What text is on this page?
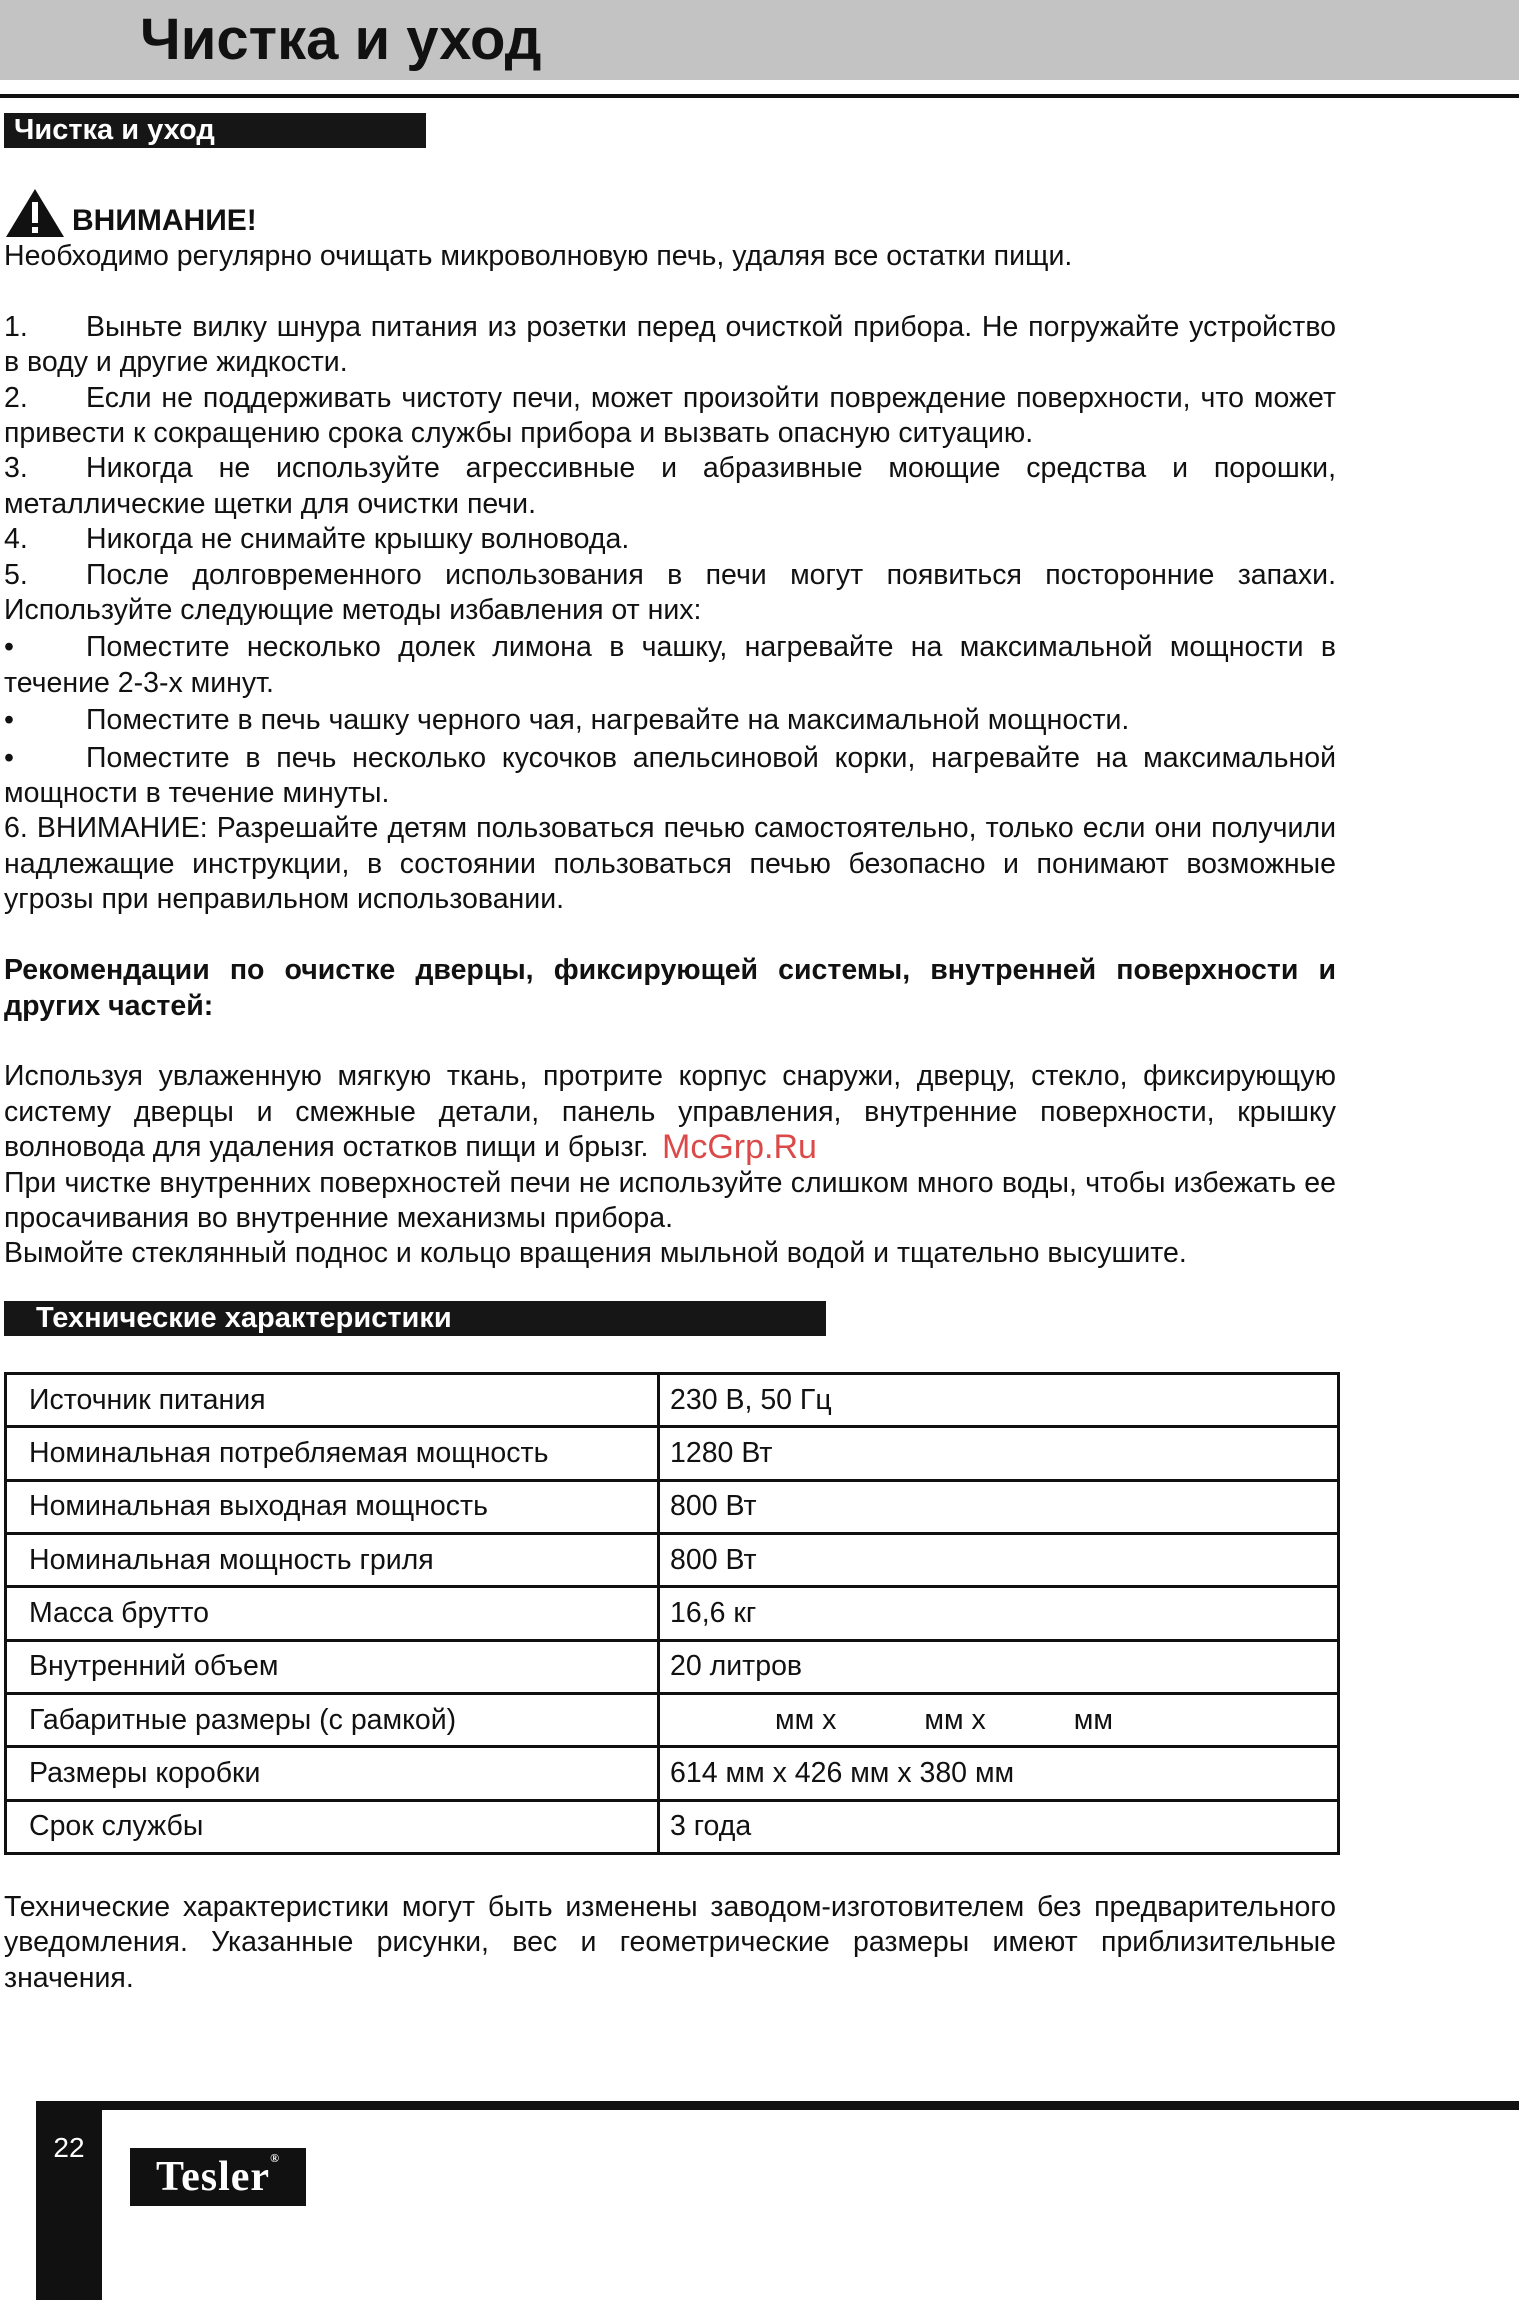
Чистка и уход
Чистка и уход
ВНИМАНИЕ!

Необходимо регулярно очищать микроволновую печь, удаляя все остатки пищи.

1. Выньте вилку шнура питания из розетки перед очисткой прибора. Не погружайте устройство в воду и другие жидкости.

2. Если не поддерживать чистоту печи, может произойти повреждение поверхности, что может привести к сокращению срока службы прибора и вызвать опасную ситуацию.

3. Никогда не используйте агрессивные и абразивные моющие средства и порошки, металлические щетки для очистки печи.

4. Никогда не снимайте крышку волновода.

5. После долговременного использования в печи могут появиться посторонние запахи. Используйте следующие методы избавления от них:

•	Поместите несколько долек лимона в чашку, нагревайте на максимальной мощности в течение 2-3-х минут.

•	Поместите в печь чашку черного чая, нагревайте на максимальной мощности.

•	Поместите в печь несколько кусочков апельсиновой корки, нагревайте на максимальной мощности в течение минуты.

6. ВНИМАНИЕ: Разрешайте детям пользоваться печью самостоятельно, только если они получили надлежащие инструкции, в состоянии пользоваться печью безопасно и понимают возможные угрозы при неправильном использовании.

Рекомендации по очистке дверцы, фиксирующей системы, внутренней поверхности и других частей:

Используя увлаженную мягкую ткань, протрите корпус снаружи, дверцу, стекло, фиксирующую систему дверцы и смежные детали, панель управления, внутренние поверхности, крышку волновода для удаления остатков пищи и брызг.

При чистке внутренних поверхностей печи не используйте слишком много воды, чтобы избежать ее просачивания во внутренние механизмы прибора.

Вымойте стеклянный поднос и кольцо вращения мыльной водой и тщательно высушите.

McGrp.Ru
Технические характеристики
Источник питания	230 В, 50 Гц
Номинальная потребляемая мощность	1280 Вт
Номинальная выходная мощность	800 Вт
Номинальная мощность гриля	800 Вт
Масса брутто	16,6 кг
Внутренний объем	20 литров
Габаритные размеры (с рамкой)	мм х мм х мм
Размеры коробки	614 мм х 426 мм х 380 мм
Срок службы	3 года

Технические характеристики могут быть изменены заводом-изготовителем без предварительного уведомления. Указанные рисунки, вес и геометрические размеры имеют приблизительные значения.

22
Tesler®
